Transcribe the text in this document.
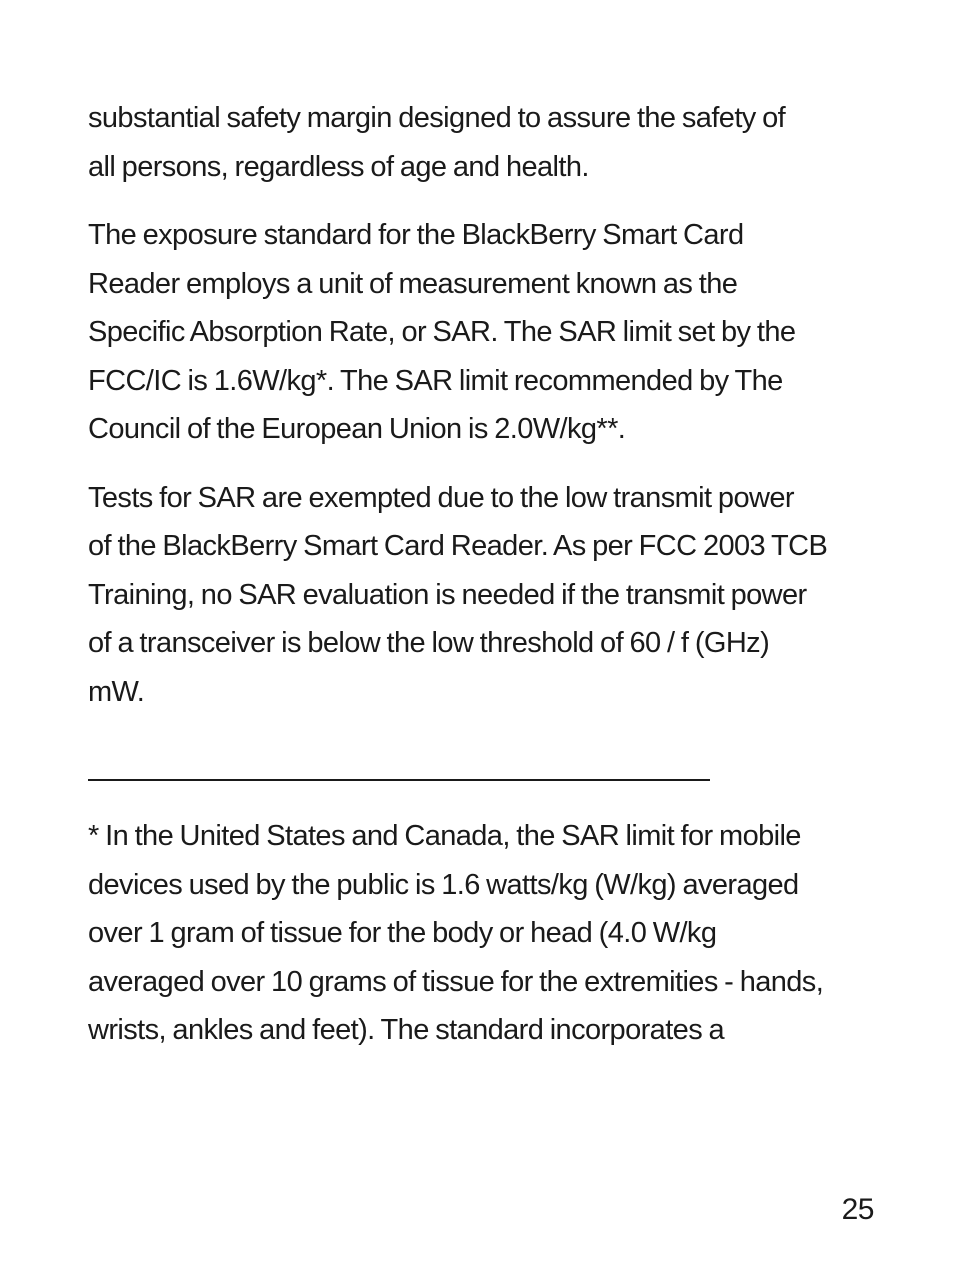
substantial safety margin designed to assure the safety of
all persons, regardless of age and health.

The exposure standard for the BlackBerry Smart Card
Reader employs a unit of measurement known as the
Specific Absorption Rate, or SAR. The SAR limit set by the
FCC/IC is 1.6W/kg*. The SAR limit recommended by The
Council of the European Union is 2.0W/kg**.

Tests for SAR are exempted due to the low transmit power
of the BlackBerry Smart Card Reader. As per FCC 2003 TCB
Training, no SAR evaluation is needed if the transmit power
of a transceiver is below the low threshold of 60 / f (GHz)
mW.

* In the United States and Canada, the SAR limit for mobile
devices used by the public is 1.6 watts/kg (W/kg) averaged
over 1 gram of tissue for the body or head (4.0 W/kg
averaged over 10 grams of tissue for the extremities - hands,
wrists, ankles and feet). The standard incorporates a
25
